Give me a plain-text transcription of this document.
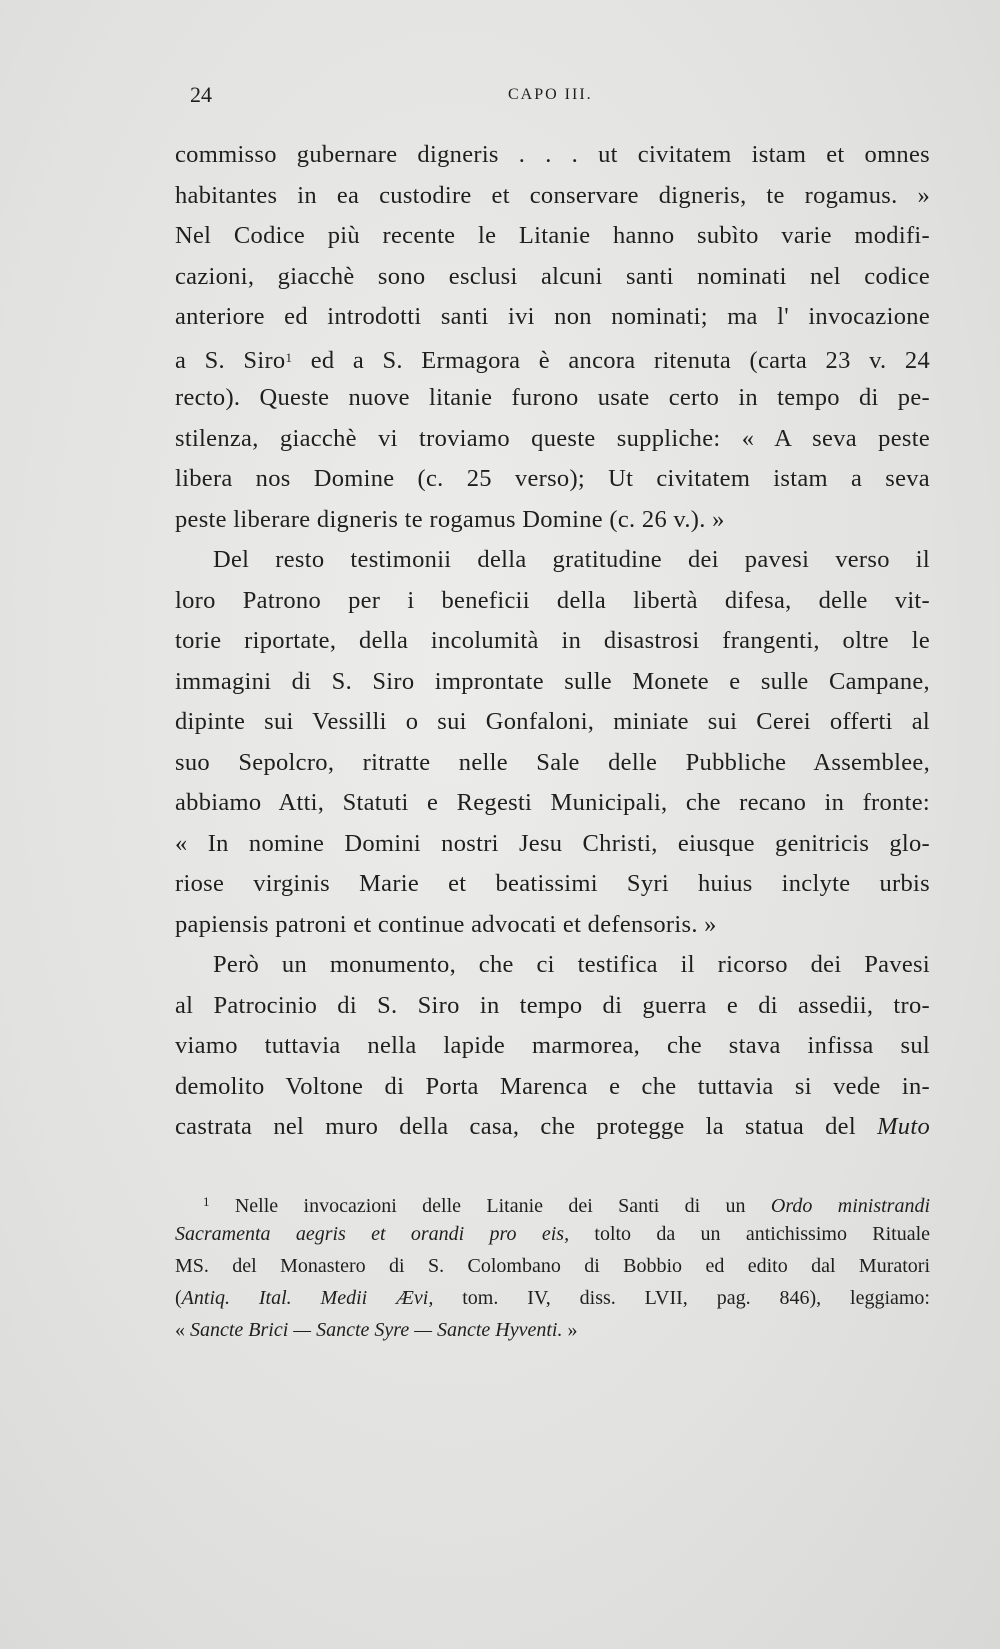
24	CAPO III.
commisso gubernare digneris . . . ut civitatem istam et omnes
habitantes in ea custodire et conservare digneris, te rogamus. »
Nel Codice più recente le Litanie hanno subìto varie modifi-
cazioni, giacchè sono esclusi alcuni santi nominati nel codice
anteriore ed introdotti santi ivi non nominati; ma l' invocazione
a S. Siro$^1$ ed a S. Ermagora è ancora ritenuta (carta 23 v. 24
recto). Queste nuove litanie furono usate certo in tempo di pe-
stilenza, giacchè vi troviamo queste suppliche: « A seva peste
libera nos Domine (c. 25 verso); Ut civitatem istam a seva
peste liberare digneris te rogamus Domine (c. 26 v.). »
Del resto testimonii della gratitudine dei pavesi verso il
loro Patrono per i beneficii della libertà difesa, delle vit-
torie riportate, della incolumità in disastrosi frangenti, oltre le
immagini di S. Siro improntate sulle Monete e sulle Campane,
dipinte sui Vessilli o sui Gonfaloni, miniate sui Cerei offerti al
suo Sepolcro, ritratte nelle Sale delle Pubbliche Assemblee,
abbiamo Atti, Statuti e Regesti Municipali, che recano in fronte:
« In nomine Domini nostri Jesu Christi, eiusque genitricis glo-
riose virginis Marie et beatissimi Syri huius inclyte urbis
papiensis patroni et continue advocati et defensoris. »
Però un monumento, che ci testifica il ricorso dei Pavesi
al Patrocinio di S. Siro in tempo di guerra e di assedii, tro-
viamo tuttavia nella lapide marmorea, che stava infissa sul
demolito Voltone di Porta Marenca e che tuttavia si vede in-
castrata nel muro della casa, che protegge la statua del Muto
$^1$ Nelle invocazioni delle Litanie dei Santi di un Ordo ministrandi
Sacramenta aegris et orandi pro eis, tolto da un antichissimo Rituale
MS. del Monastero di S. Colombano di Bobbio ed edito dal Muratori
(Antiq. Ital. Medii Ævi, tom. IV, diss. LVII, pag. 846), leggiamo:
« Sancte Brici — Sancte Syre — Sancte Hyventi. »
